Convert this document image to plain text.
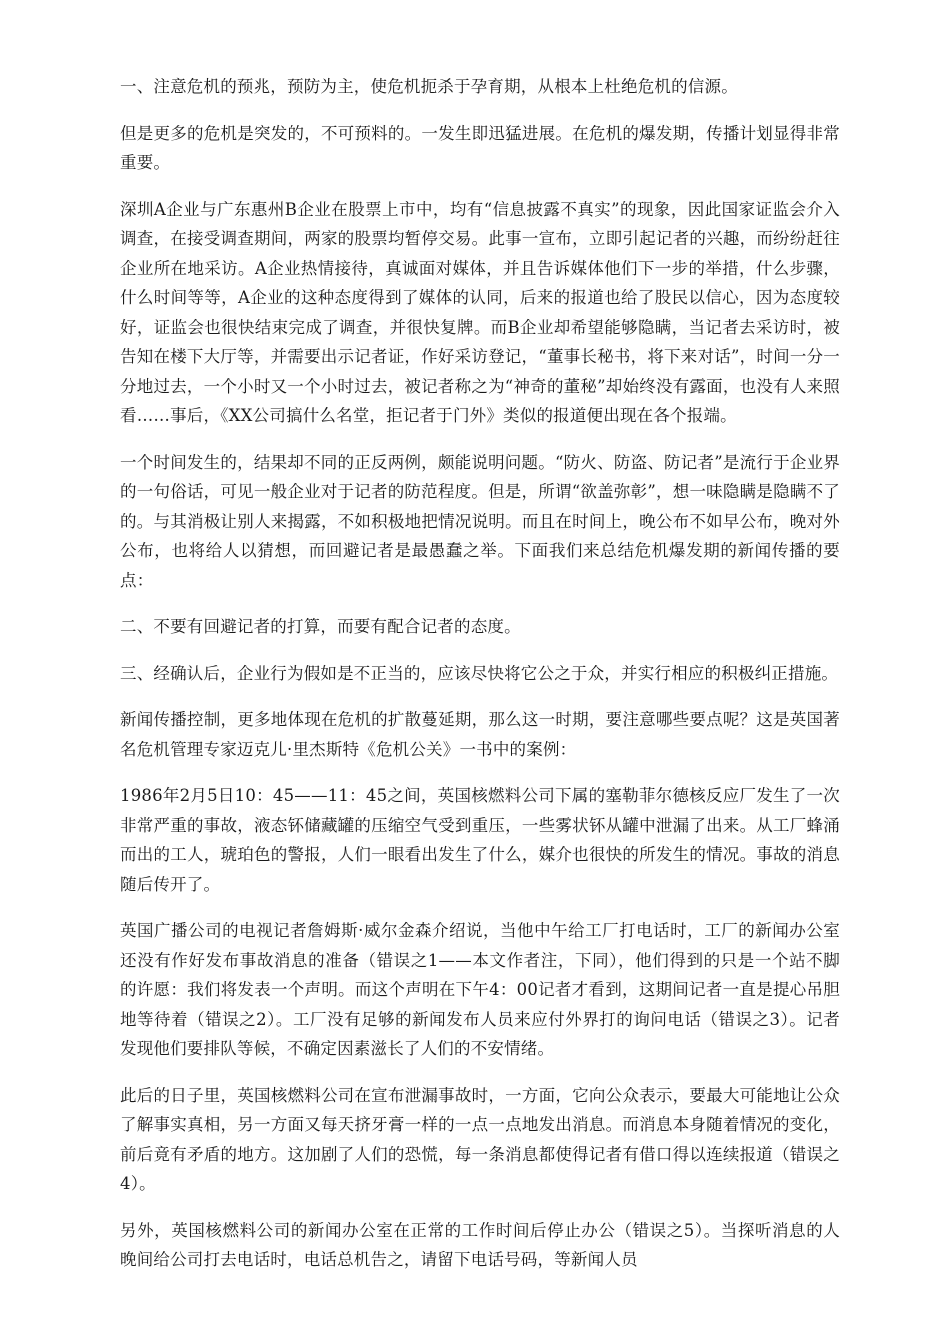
一、注意危机的预兆，预防为主，使危机扼杀于孕育期，从根本上杜绝危机的信源。

但是更多的危机是突发的，不可预料的。一发生即迅猛进展。在危机的爆发期，传播计划显得非常重要。

深圳A企业与广东惠州B企业在股票上市中，均有“信息披露不真实”的现象，因此国家证监会介入调查，在接受调查期间，两家的股票均暂停交易。此事一宣布，立即引起记者的兴趣，而纷纷赶往企业所在地采访。A企业热情接待，真诚面对媒体，并且告诉媒体他们下一步的举措，什么步骤，什么时间等等，A企业的这种态度得到了媒体的认同，后来的报道也给了股民以信心，因为态度较好，证监会也很快结束完成了调查，并很快复牌。而B企业却希望能够隐瞒，当记者去采访时，被告知在楼下大厅等，并需要出示记者证，作好采访登记，“董事长秘书，将下来对话”，时间一分一分地过去，一个小时又一个小时过去，被记者称之为“神奇的董秘”却始终没有露面，也没有人来照看……事后，《XX公司搞什么名堂，拒记者于门外》类似的报道便出现在各个报端。

一个时间发生的，结果却不同的正反两例，颇能说明问题。“防火、防盗、防记者”是流行于企业界的一句俗话，可见一般企业对于记者的防范程度。但是，所谓“欲盖弥彰”，想一味隐瞒是隐瞒不了的。与其消极让别人来揭露，不如积极地把情况说明。而且在时间上，晚公布不如早公布，晚对外公布，也将给人以猜想，而回避记者是最愚蠢之举。下面我们来总结危机爆发期的新闻传播的要点：

二、不要有回避记者的打算，而要有配合记者的态度。

三、经确认后，企业行为假如是不正当的，应该尽快将它公之于众，并实行相应的积极纠正措施。

新闻传播控制，更多地体现在危机的扩散蔓延期，那么这一时期，要注意哪些要点呢？这是英国著名危机管理专家迈克儿·里杰斯特《危机公关》一书中的案例：

1986年2月5日10：45——11：45之间，英国核燃料公司下属的塞勒菲尔德核反应厂发生了一次非常严重的事故，液态钚储藏罐的压缩空气受到重压，一些雾状钚从罐中泄漏了出来。从工厂蜂涌而出的工人，琥珀色的警报，人们一眼看出发生了什么，媒介也很快的所发生的情况。事故的消息随后传开了。

英国广播公司的电视记者詹姆斯·威尔金森介绍说，当他中午给工厂打电话时，工厂的新闻办公室还没有作好发布事故消息的准备（错误之1——本文作者注，下同），他们得到的只是一个站不脚的许愿：我们将发表一个声明。而这个声明在下午4：00记者才看到，这期间记者一直是提心吊胆地等待着（错误之2）。工厂没有足够的新闻发布人员来应付外界打的询问电话（错误之3）。记者发现他们要排队等候，不确定因素滋长了人们的不安情绪。

此后的日子里，英国核燃料公司在宣布泄漏事故时，一方面，它向公众表示，要最大可能地让公众了解事实真相，另一方面又每天挤牙膏一样的一点一点地发出消息。而消息本身随着情况的变化，前后竟有矛盾的地方。这加剧了人们的恐慌，每一条消息都使得记者有借口得以连续报道（错误之4）。

另外，英国核燃料公司的新闻办公室在正常的工作时间后停止办公（错误之5）。当探听消息的人晚间给公司打去电话时，电话总机告之，请留下电话号码，等新闻人员
